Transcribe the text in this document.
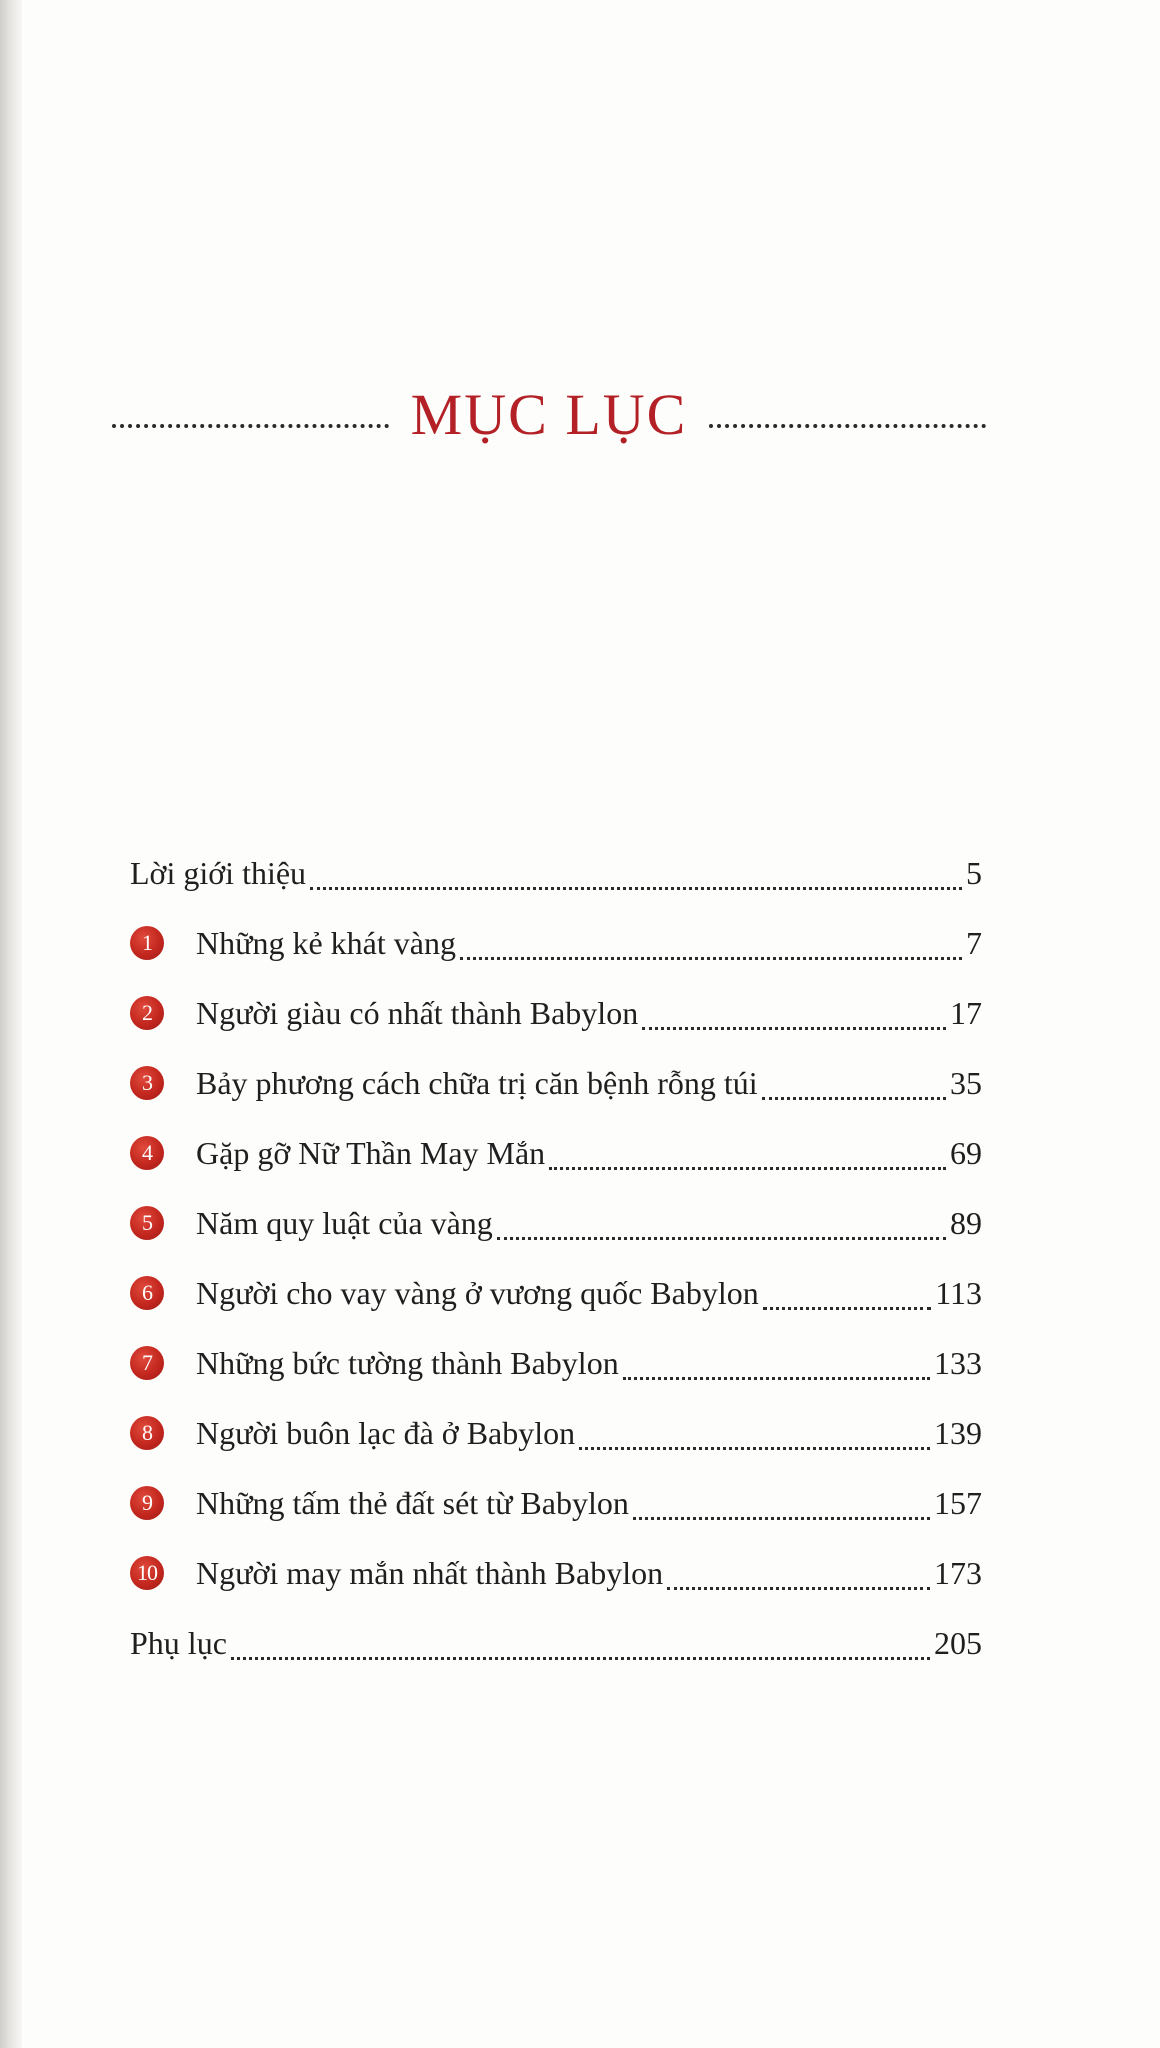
MỤC LỤC
Lời giới thiệu	5
1	Những kẻ khát vàng	7
2	Người giàu có nhất thành Babylon	17
3	Bảy phương cách chữa trị căn bệnh rỗng túi	35
4	Gặp gỡ Nữ Thần May Mắn	69
5	Năm quy luật của vàng	89
6	Người cho vay vàng ở vương quốc Babylon	113
7	Những bức tường thành Babylon	133
8	Người buôn lạc đà ở Babylon	139
9	Những tấm thẻ đất sét từ Babylon	157
10 Người may mắn nhất thành Babylon	173
Phụ lục	205
